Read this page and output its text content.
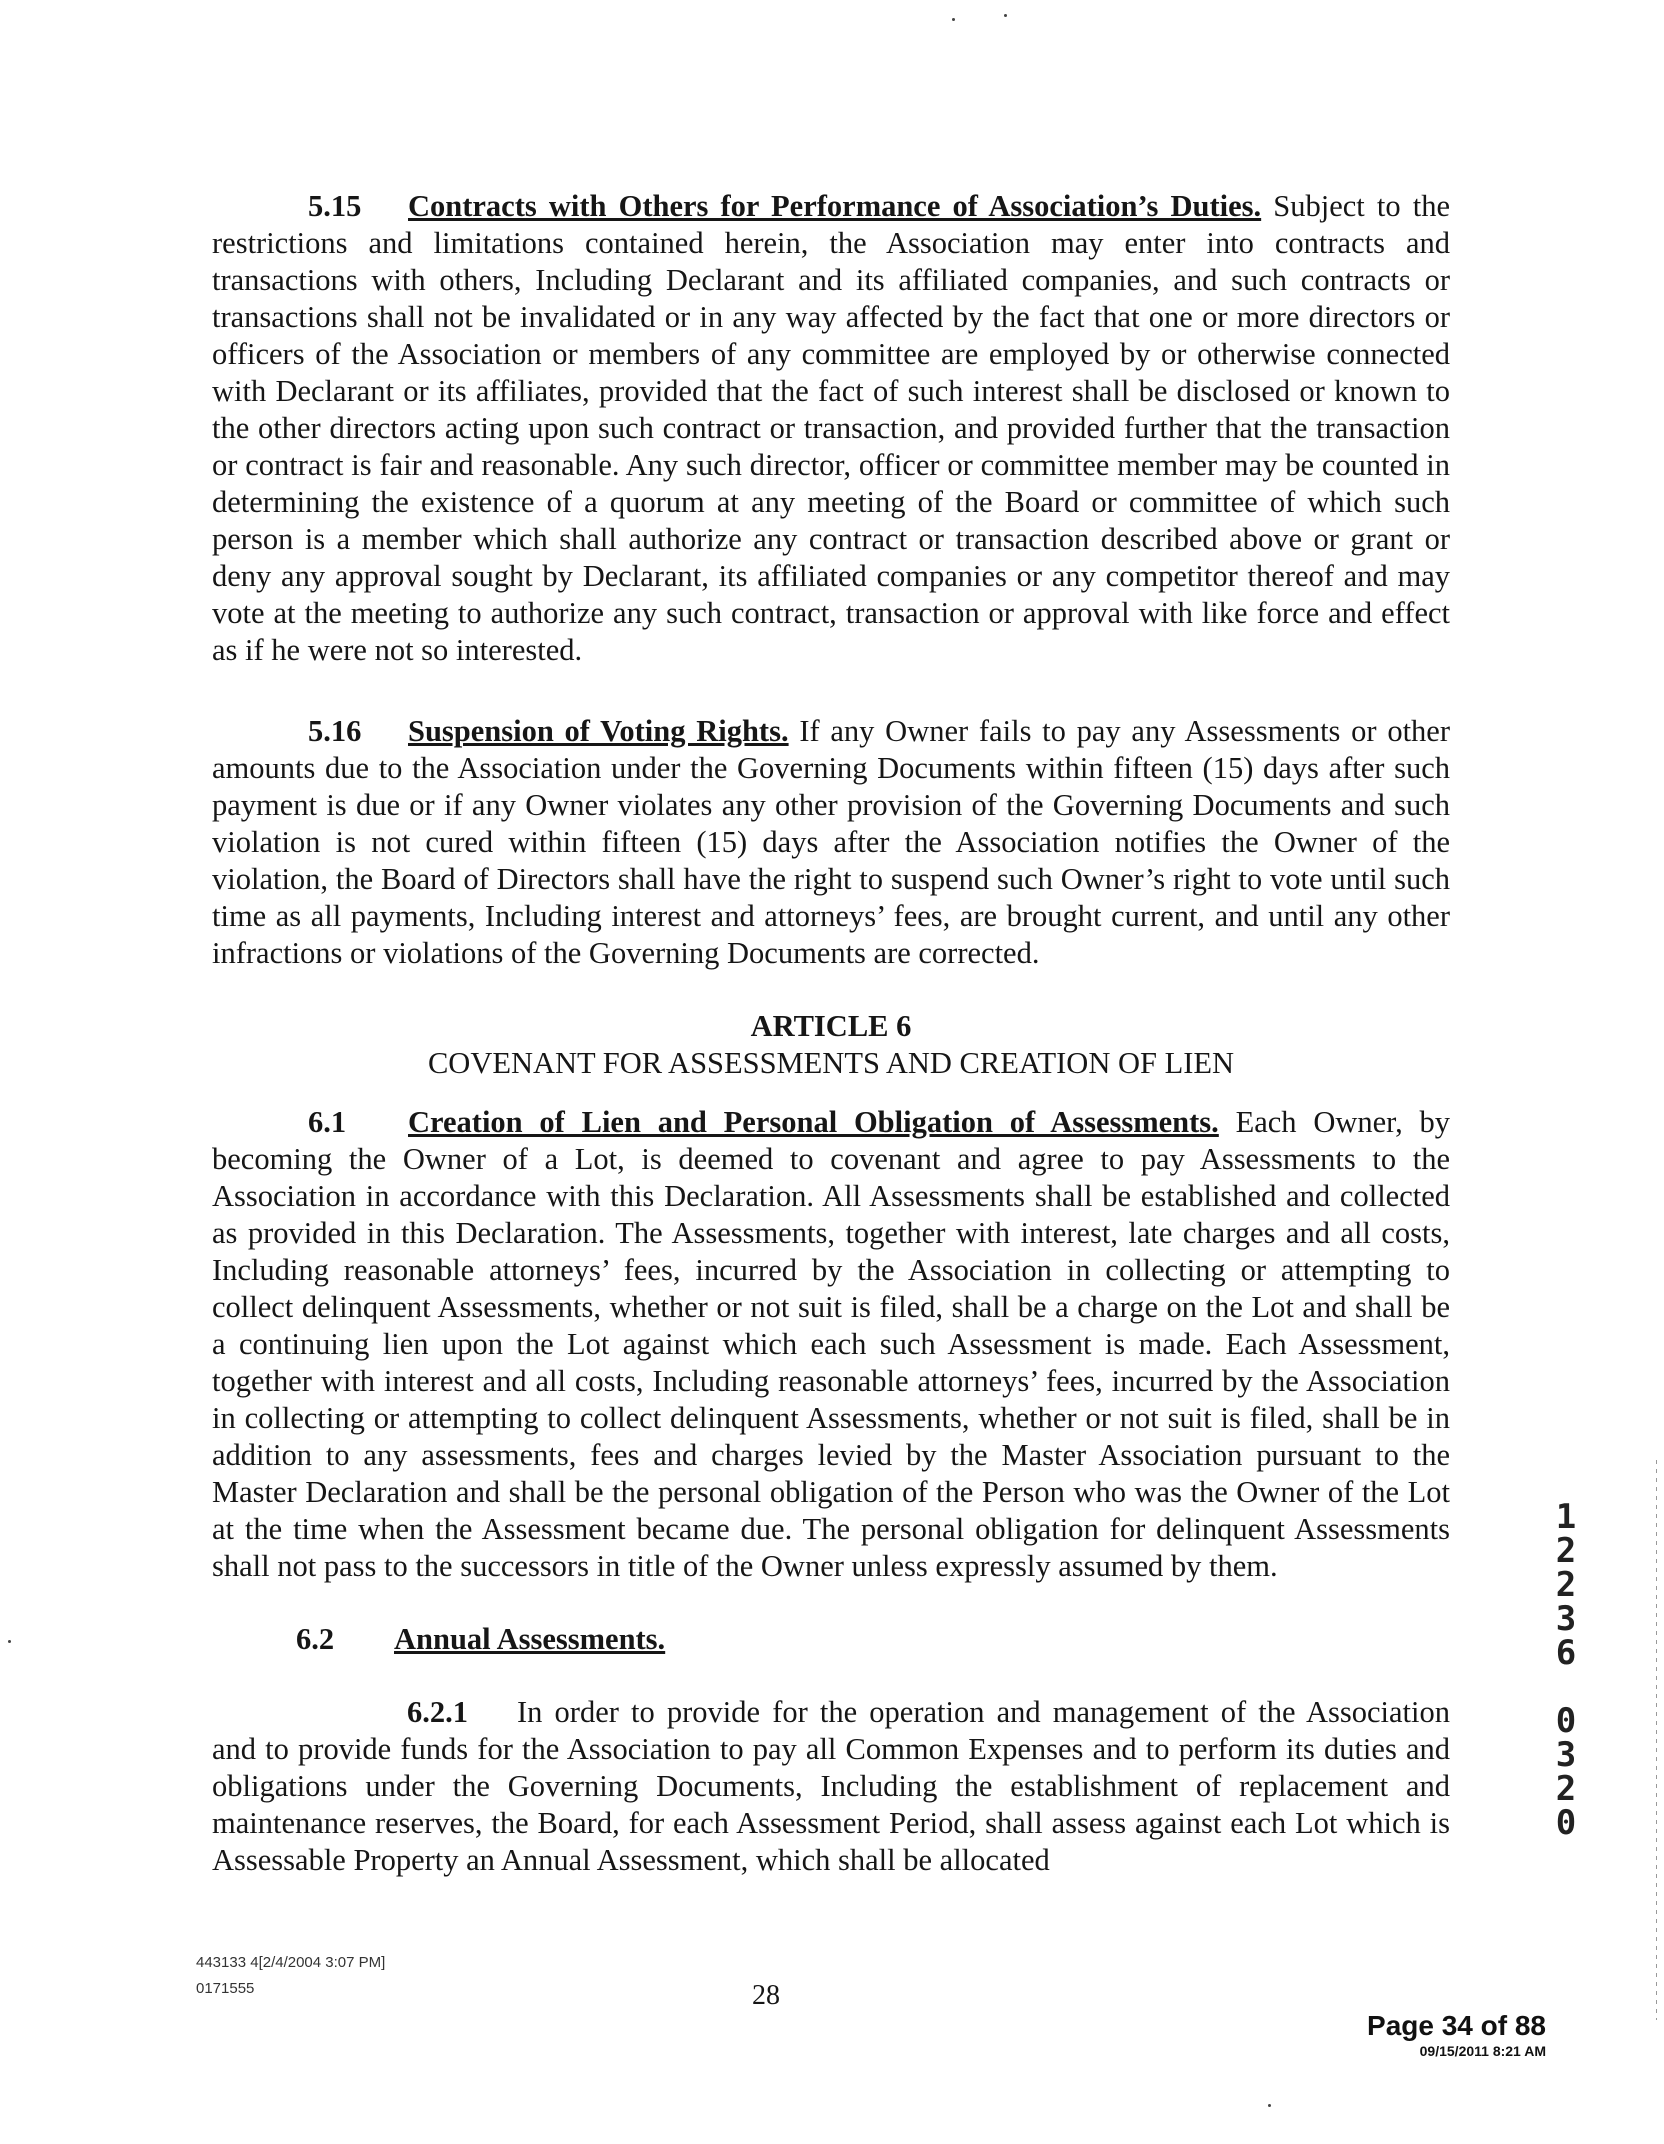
5.15 Contracts with Others for Performance of Association’s Duties. Subject to the restrictions and limitations contained herein, the Association may enter into contracts and transactions with others, Including Declarant and its affiliated companies, and such contracts or transactions shall not be invalidated or in any way affected by the fact that one or more directors or officers of the Association or members of any committee are employed by or otherwise connected with Declarant or its affiliates, provided that the fact of such interest shall be disclosed or known to the other directors acting upon such contract or transaction, and provided further that the transaction or contract is fair and reasonable. Any such director, officer or committee member may be counted in determining the existence of a quorum at any meeting of the Board or committee of which such person is a member which shall authorize any contract or transaction described above or grant or deny any approval sought by Declarant, its affiliated companies or any competitor thereof and may vote at the meeting to authorize any such contract, transaction or approval with like force and effect as if he were not so interested.

5.16 Suspension of Voting Rights. If any Owner fails to pay any Assessments or other amounts due to the Association under the Governing Documents within fifteen (15) days after such payment is due or if any Owner violates any other provision of the Governing Documents and such violation is not cured within fifteen (15) days after the Association notifies the Owner of the violation, the Board of Directors shall have the right to suspend such Owner’s right to vote until such time as all payments, Including interest and attorneys’ fees, are brought current, and until any other infractions or violations of the Governing Documents are corrected.

ARTICLE 6
COVENANT FOR ASSESSMENTS AND CREATION OF LIEN

6.1 Creation of Lien and Personal Obligation of Assessments. Each Owner, by becoming the Owner of a Lot, is deemed to covenant and agree to pay Assessments to the Association in accordance with this Declaration. All Assessments shall be established and collected as provided in this Declaration. The Assessments, together with interest, late charges and all costs, Including reasonable attorneys’ fees, incurred by the Association in collecting or attempting to collect delinquent Assessments, whether or not suit is filed, shall be a charge on the Lot and shall be a continuing lien upon the Lot against which each such Assessment is made. Each Assessment, together with interest and all costs, Including reasonable attorneys’ fees, incurred by the Association in collecting or attempting to collect delinquent Assessments, whether or not suit is filed, shall be in addition to any assessments, fees and charges levied by the Master Association pursuant to the Master Declaration and shall be the personal obligation of the Person who was the Owner of the Lot at the time when the Assessment became due. The personal obligation for delinquent Assessments shall not pass to the successors in title of the Owner unless expressly assumed by them.

6.2 Annual Assessments.

6.2.1 In order to provide for the operation and management of the Association and to provide funds for the Association to pay all Common Expenses and to perform its duties and obligations under the Governing Documents, Including the establishment of replacement and maintenance reserves, the Board, for each Assessment Period, shall assess against each Lot which is Assessable Property an Annual Assessment, which shall be allocated

443133 4[2/4/2004 3:07 PM]
0171555	28
Page 34 of 88
09/15/2011 8:21 AM
1
2
2
3
6
0
3
2
0
